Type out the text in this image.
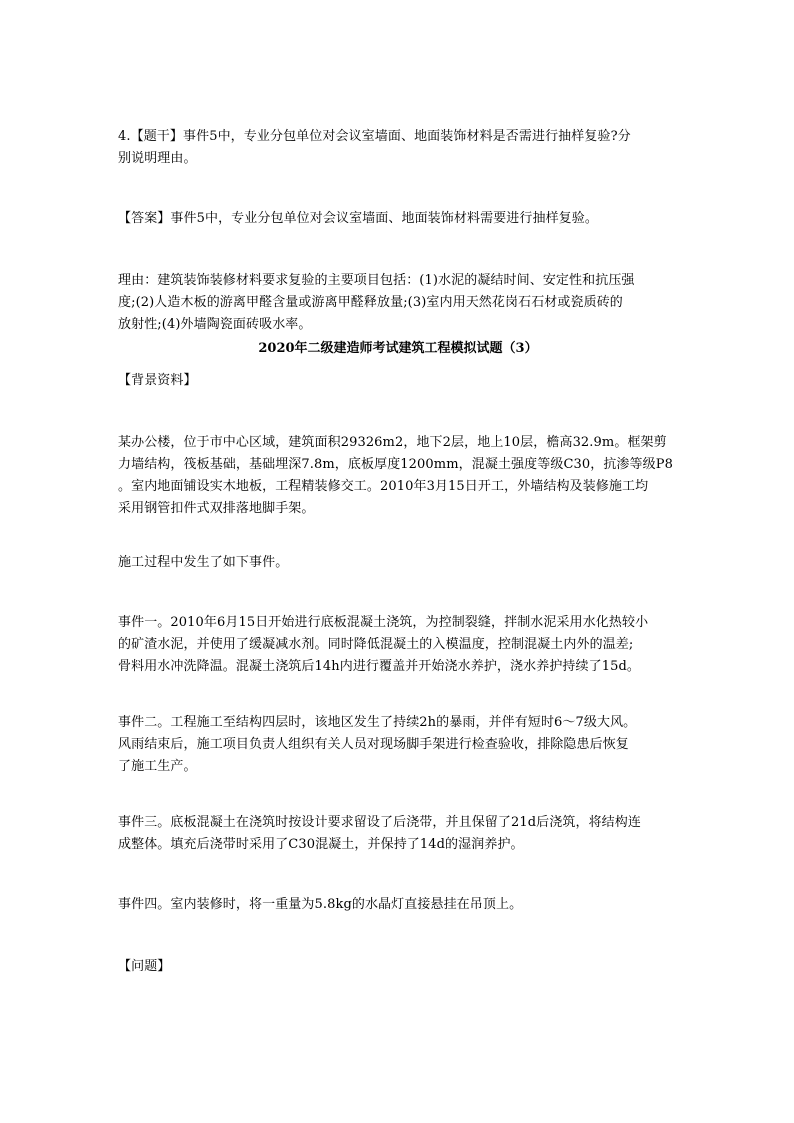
4.【题干】事件5中，专业分包单位对会议室墙面、地面装饰材料是否需进行抽样复验?分
别说明理由。
【答案】事件5中，专业分包单位对会议室墙面、地面装饰材料需要进行抽样复验。
理由：建筑装饰装修材料要求复验的主要项目包括：(1)水泥的凝结时间、安定性和抗压强
度;(2)人造木板的游离甲醛含量或游离甲醛释放量;(3)室内用天然花岗石石材或瓷质砖的
放射性;(4)外墙陶瓷面砖吸水率。
2020年二级建造师考试建筑工程模拟试题（3）
【背景资料】
某办公楼，位于市中心区域，建筑面积29326m2，地下2层，地上10层，檐高32.9m。框架剪
力墙结构，筏板基础，基础埋深7.8m，底板厚度1200mm，混凝土强度等级C30，抗渗等级P8
。室内地面铺设实木地板，工程精装修交工。2010年3月15日开工，外墙结构及装修施工均
采用钢管扣件式双排落地脚手架。
施工过程中发生了如下事件。
事件一。2010年6月15日开始进行底板混凝土浇筑，为控制裂缝，拌制水泥采用水化热较小
的矿渣水泥，并使用了缓凝减水剂。同时降低混凝土的入模温度，控制混凝土内外的温差;
骨料用水冲洗降温。混凝土浇筑后14h内进行覆盖并开始浇水养护，浇水养护持续了15d。
事件二。工程施工至结构四层时，该地区发生了持续2h的暴雨，并伴有短时6～7级大风。
风雨结束后，施工项目负责人组织有关人员对现场脚手架进行检查验收，排除隐患后恢复
了施工生产。
事件三。底板混凝土在浇筑时按设计要求留设了后浇带，并且保留了21d后浇筑，将结构连
成整体。填充后浇带时采用了C30混凝土，并保持了14d的湿润养护。
事件四。室内装修时，将一重量为5.8kg的水晶灯直接悬挂在吊顶上。
【问题】
